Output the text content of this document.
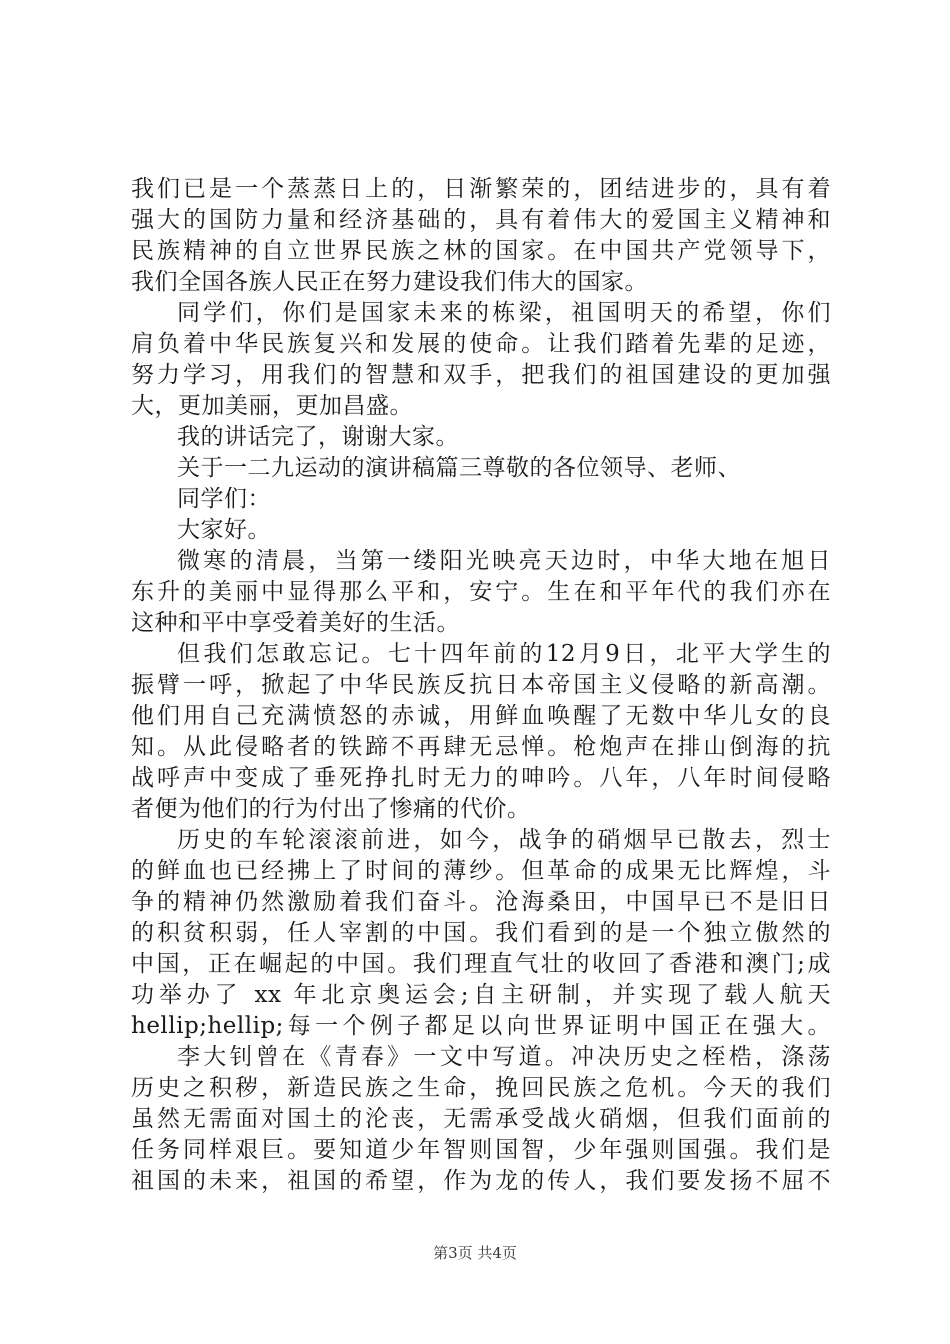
我们已是一个蒸蒸日上的，日渐繁荣的，团结进步的，具有着
强大的国防力量和经济基础的，具有着伟大的爱国主义精神和
民族精神的自立世界民族之林的国家。在中国共产党领导下，
我们全国各族人民正在努力建设我们伟大的国家。
同学们，你们是国家未来的栋梁，祖国明天的希望，你们
肩负着中华民族复兴和发展的使命。让我们踏着先辈的足迹，
努力学习，用我们的智慧和双手，把我们的祖国建设的更加强
大，更加美丽，更加昌盛。
我的讲话完了，谢谢大家。
关于一二九运动的演讲稿篇三尊敬的各位领导、老师、
同学们：
大家好。
微寒的清晨，当第一缕阳光映亮天边时，中华大地在旭日
东升的美丽中显得那么平和，安宁。生在和平年代的我们亦在
这种和平中享受着美好的生活。
但我们怎敢忘记。七十四年前的12月9日，北平大学生的
振臂一呼，掀起了中华民族反抗日本帝国主义侵略的新高潮。
他们用自己充满愤怒的赤诚，用鲜血唤醒了无数中华儿女的良
知。从此侵略者的铁蹄不再肆无忌惮。枪炮声在排山倒海的抗
战呼声中变成了垂死挣扎时无力的呻吟。八年，八年时间侵略
者便为他们的行为付出了惨痛的代价。
历史的车轮滚滚前进，如今，战争的硝烟早已散去，烈士
的鲜血也已经拂上了时间的薄纱。但革命的成果无比辉煌，斗
争的精神仍然激励着我们奋斗。沧海桑田，中国早已不是旧日
的积贫积弱，任人宰割的中国。我们看到的是一个独立傲然的
中国，正在崛起的中国。我们理直气壮的收回了香港和澳门;成
功举办了 xx 年北京奥运会;自主研制，并实现了载人航天
hellip;hellip;每一个例子都足以向世界证明中国正在强大。
李大钊曾在《青春》一文中写道。冲决历史之桎梏，涤荡
历史之积秽，新造民族之生命，挽回民族之危机。今天的我们
虽然无需面对国土的沦丧，无需承受战火硝烟，但我们面前的
任务同样艰巨。要知道少年智则国智，少年强则国强。我们是
祖国的未来，祖国的希望，作为龙的传人，我们要发扬不屈不
第3页 共4页
